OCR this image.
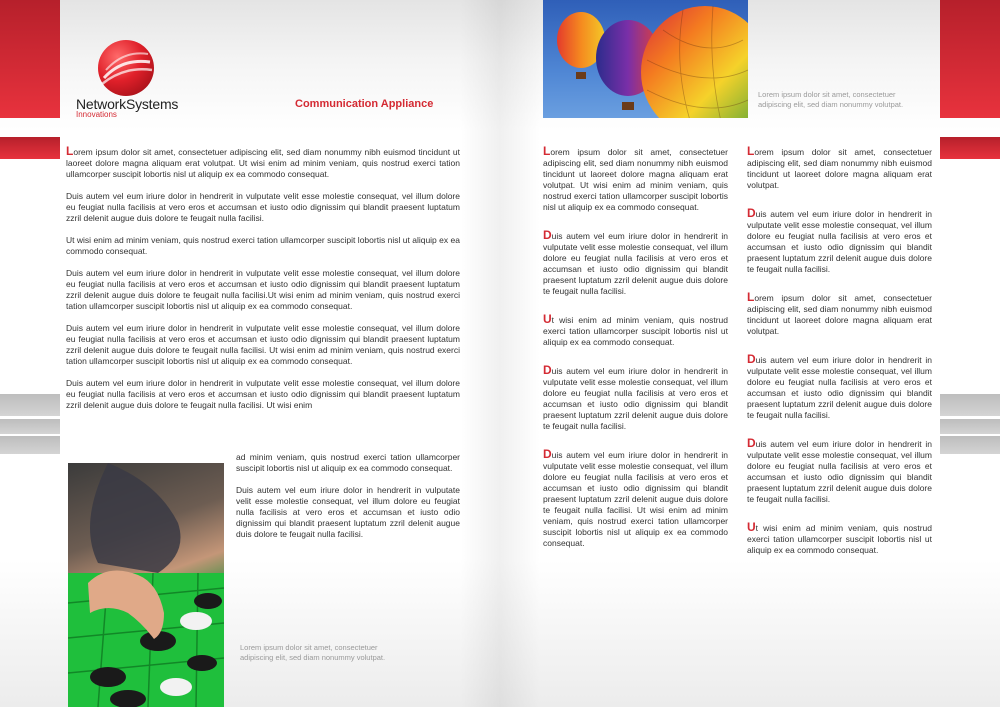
NetworkSystems
Innovations
Communication Appliance

Lorem ipsum dolor sit amet, consectetuer adipiscing elit, sed diam nonummy nibh euismod tincidunt ut laoreet dolore magna aliquam erat volutpat. Ut wisi enim ad minim veniam, quis nostrud exerci tation ullamcorper suscipit lobortis nisl ut aliquip ex ea commodo consequat.

Duis autem vel eum iriure dolor in hendrerit in vulputate velit esse molestie consequat, vel illum dolore eu feugiat nulla facilisis at vero eros et accumsan et iusto odio dignissim qui blandit praesent luptatum zzril delenit augue duis dolore te feugait nulla facilisi.

Ut wisi enim ad minim veniam, quis nostrud exerci tation ullamcorper suscipit lobortis nisl ut aliquip ex ea commodo consequat.

Duis autem vel eum iriure dolor in hendrerit in vulputate velit esse molestie consequat, vel illum dolore eu feugiat nulla facilisis at vero eros et accumsan et iusto odio dignissim qui blandit praesent luptatum zzril delenit augue duis dolore te feugait nulla facilisi.Ut wisi enim ad minim veniam, quis nostrud exerci tation ullamcorper suscipit lobortis nisl ut aliquip ex ea commodo consequat.

Duis autem vel eum iriure dolor in hendrerit in vulputate velit esse molestie consequat, vel illum dolore eu feugiat nulla facilisis at vero eros et accumsan et iusto odio dignissim qui blandit praesent luptatum zzril delenit augue duis dolore te feugait nulla facilisi. Ut wisi enim ad minim veniam, quis nostrud exerci tation ullamcorper suscipit lobortis nisl ut aliquip ex ea commodo consequat.

Duis autem vel eum iriure dolor in hendrerit in vulputate velit esse molestie consequat, vel illum dolore eu feugiat nulla facilisis at vero eros et accumsan et iusto odio dignissim qui blandit praesent luptatum zzril delenit augue duis dolore te feugait nulla facilisi. Ut wisi enim

ad minim veniam, quis nostrud exerci tation ullamcorper suscipit lobortis nisl ut aliquip ex ea commodo consequat.

Duis autem vel eum iriure dolor in hendrerit in vulputate velit esse molestie consequat, vel illum dolore eu feugiat nulla facilisis at vero eros et accumsan et iusto odio dignissim qui blandit praesent luptatum zzril delenit augue duis dolore te feugait nulla facilisi.

Lorem ipsum dolor sit amet, consectetuer adipiscing elit, sed diam nonummy volutpat.
Lorem ipsum dolor sit amet, consectetuer adipiscing elit, sed diam nonummy volutpat.

Lorem ipsum dolor sit amet, consectetuer adipiscing elit, sed diam nonummy nibh euismod tincidunt ut laoreet dolore magna aliquam erat volutpat. Ut wisi enim ad minim veniam, quis nostrud exerci tation ullamcorper suscipit lobortis nisl ut aliquip ex ea commodo consequat.

Duis autem vel eum iriure dolor in hendrerit in vulputate velit esse molestie consequat, vel illum dolore eu feugiat nulla facilisis at vero eros et accumsan et iusto odio dignissim qui blandit praesent luptatum zzril delenit augue duis dolore te feugait nulla facilisi.

Ut wisi enim ad minim veniam, quis nostrud exerci tation ullamcorper suscipit lobortis nisl ut aliquip ex ea commodo consequat.

Duis autem vel eum iriure dolor in hendrerit in vulputate velit esse molestie consequat, vel illum dolore eu feugiat nulla facilisis at vero eros et accumsan et iusto odio dignissim qui blandit praesent luptatum zzril delenit augue duis dolore te feugait nulla facilisi.

Duis autem vel eum iriure dolor in hendrerit in vulputate velit esse molestie consequat, vel illum dolore eu feugiat nulla facilisis at vero eros et accumsan et iusto odio dignissim qui blandit praesent luptatum zzril delenit augue duis dolore te feugait nulla facilisi. Ut wisi enim ad minim veniam, quis nostrud exerci tation ullamcorper suscipit lobortis nisl ut aliquip ex ea commodo consequat.

Lorem ipsum dolor sit amet, consectetuer adipiscing elit, sed diam nonummy nibh euismod tincidunt ut laoreet dolore magna aliquam erat volutpat.

Duis autem vel eum iriure dolor in hendrerit in vulputate velit esse molestie consequat, vel illum dolore eu feugiat nulla facilisis at vero eros et accumsan et iusto odio dignissim qui blandit praesent luptatum zzril delenit augue duis dolore te feugait nulla facilisi.

Lorem ipsum dolor sit amet, consectetuer adipiscing elit, sed diam nonummy nibh euismod tincidunt ut laoreet dolore magna aliquam erat volutpat.

Duis autem vel eum iriure dolor in hendrerit in vulputate velit esse molestie consequat, vel illum dolore eu feugiat nulla facilisis at vero eros et accumsan et iusto odio dignissim qui blandit praesent luptatum zzril delenit augue duis dolore te feugait nulla facilisi.

Duis autem vel eum iriure dolor in hendrerit in vulputate velit esse molestie consequat, vel illum dolore eu feugiat nulla facilisis at vero eros et accumsan et iusto odio dignissim qui blandit praesent luptatum zzril delenit augue duis dolore te feugait nulla facilisi.

Ut wisi enim ad minim veniam, quis nostrud exerci tation ullamcorper suscipit lobortis nisl ut aliquip ex ea commodo consequat.
